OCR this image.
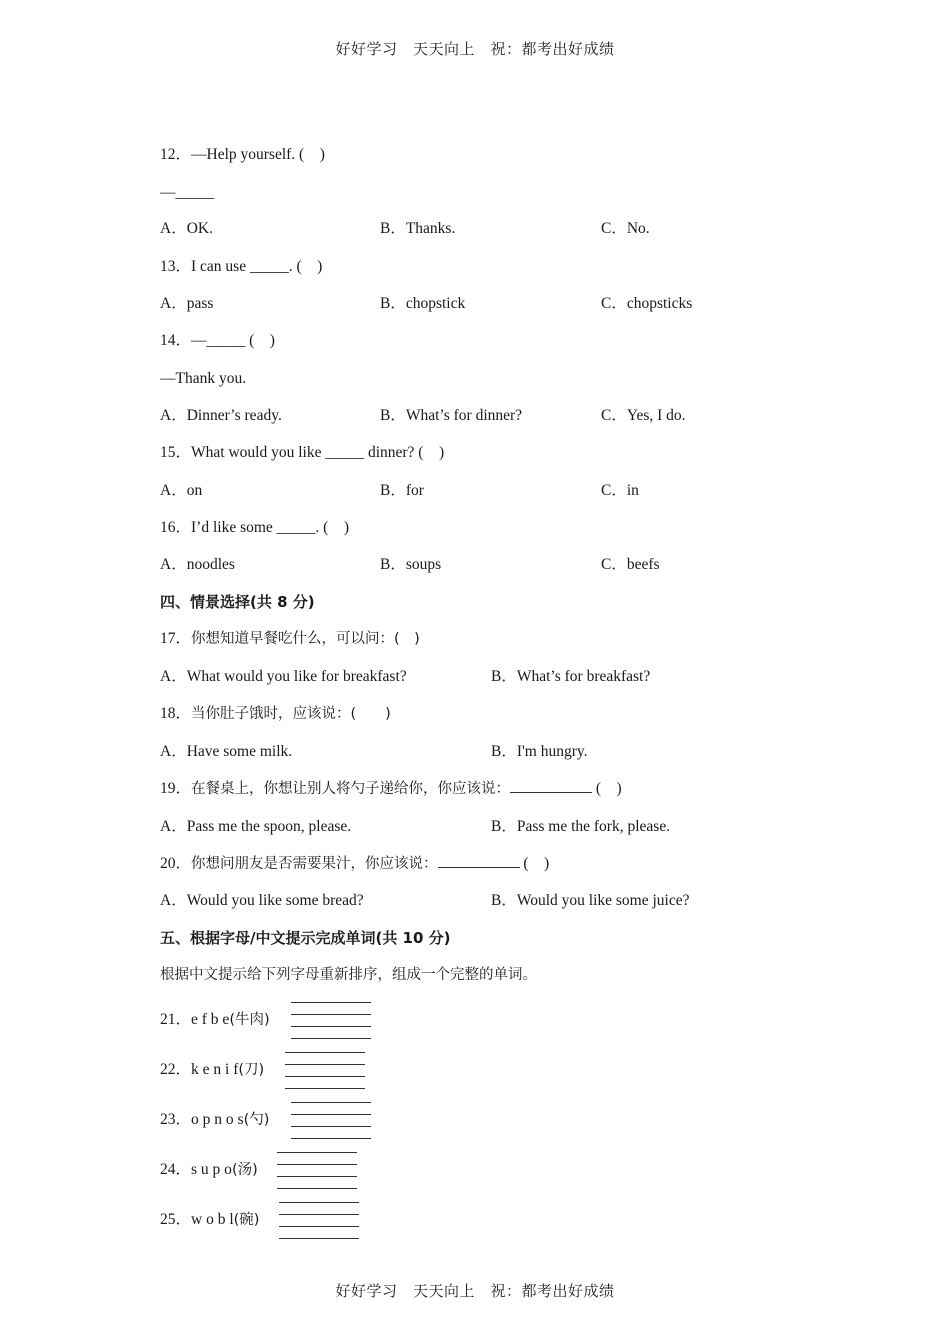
好好学习　天天向上　祝：都考出好成绩
12．—Help yourself. (　)
—_____
A．OK.	B．Thanks.	C．No.
13．I can use _____. (　)
A．pass	B．chopstick	C．chopsticks
14．—_____ (　)
—Thank you.
A．Dinner’s ready.	B．What’s for dinner?	C．Yes, I do.
15．What would you like _____ dinner? (　)
A．on	B．for	C．in
16．I’d like some _____. (　)
A．noodles	B．soups	C．beefs
四、情景选择(共 8 分)
17．你想知道早餐吃什么，可以问：(　)
A．What would you like for breakfast?	B．What’s for breakfast?
18．当你肚子饿时，应该说：(　　)
A．Have some milk.	B．I'm hungry.
19．在餐桌上，你想让别人将勺子递给你，你应该说：	(　)
A．Pass me the spoon, please.	B．Pass me the fork, please.
20．你想问朋友是否需要果汁，你应该说：	(　)
A．Would you like some bread?	B．Would you like some juice?
五、根据字母/中文提示完成单词(共 10 分)
根据中文提示给下列字母重新排序，组成一个完整的单词。
21．e f b e(牛肉)
22．k e n i f(刀)
23．o p n o s(勺)
24．s u p o(汤)
25．w o b l(碗)
好好学习　天天向上　祝：都考出好成绩
